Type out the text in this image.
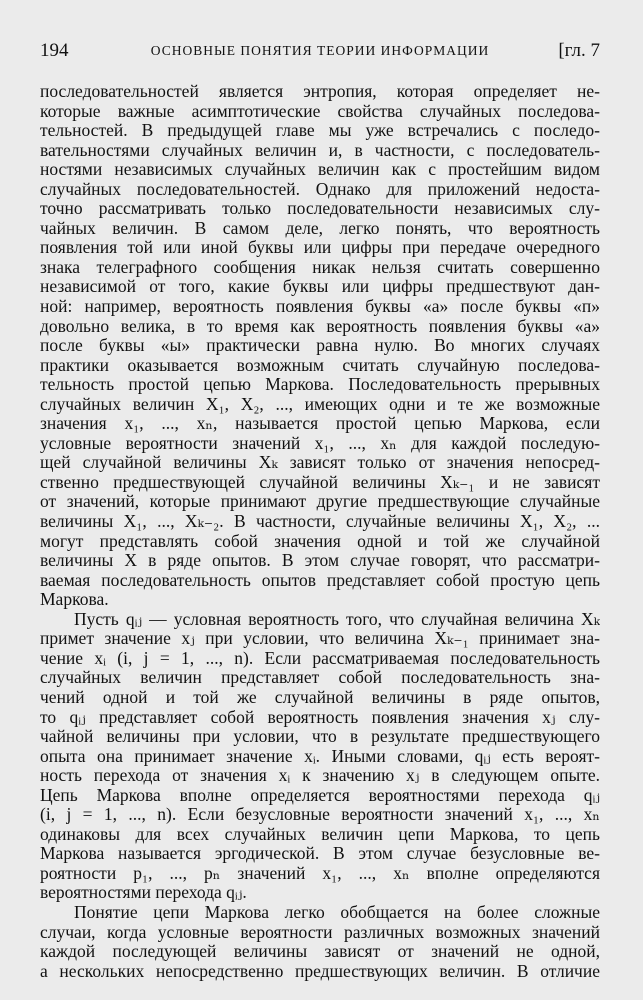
194	ОСНОВНЫЕ ПОНЯТИЯ ТЕОРИИ ИНФОРМАЦИИ	[гл. 7
последовательностей является энтропия, которая определяет не-
которые важные асимптотические свойства случайных последова-
тельностей. В предыдущей главе мы уже встречались с последо-
вательностями случайных величин и, в частности, с последователь-
ностями независимых случайных величин как с простейшим видом
случайных последовательностей. Однако для приложений недоста-
точно рассматривать только последовательности независимых слу-
чайных величин. В самом деле, легко понять, что вероятность
появления той или иной буквы или цифры при передаче очередного
знака телеграфного сообщения никак нельзя считать совершенно
независимой от того, какие буквы или цифры предшествуют дан-
ной: например, вероятность появления буквы «а» после буквы «п»
довольно велика, в то время как вероятность появления буквы «а»
после буквы «ы» практически равна нулю. Во многих случаях
практики оказывается возможным считать случайную последова-
тельность простой цепью Маркова. Последовательность прерывных
случайных величин X₁, X₂, ..., имеющих одни и те же возможные
значения x₁, ..., xₙ, называется простой цепью Маркова, если
условные вероятности значений x₁, ..., xₙ для каждой последую-
щей случайной величины Xₖ зависят только от значения непосред-
ственно предшествующей случайной величины Xₖ₋₁ и не зависят
от значений, которые принимают другие предшествующие случайные
величины X₁, ..., Xₖ₋₂. В частности, случайные величины X₁, X₂, ...
могут представлять собой значения одной и той же случайной
величины X в ряде опытов. В этом случае говорят, что рассматри-
ваемая последовательность опытов представляет собой простую цепь
Маркова.
Пусть qᵢⱼ — условная вероятность того, что случайная величина Xₖ
примет значение xⱼ при условии, что величина Xₖ₋₁ принимает зна-
чение xᵢ (i, j = 1, ..., n). Если рассматриваемая последовательность
случайных величин представляет собой последовательность зна-
чений одной и той же случайной величины в ряде опытов,
то qᵢⱼ представляет собой вероятность появления значения xⱼ слу-
чайной величины при условии, что в результате предшествующего
опыта она принимает значение xᵢ. Иными словами, qᵢⱼ есть вероят-
ность перехода от значения xᵢ к значению xⱼ в следующем опыте.
Цепь Маркова вполне определяется вероятностями перехода qᵢⱼ
(i, j = 1, ..., n). Если безусловные вероятности значений x₁, ..., xₙ
одинаковы для всех случайных величин цепи Маркова, то цепь
Маркова называется эргодической. В этом случае безусловные ве-
роятности p₁, ..., pₙ значений x₁, ..., xₙ вполне определяются
вероятностями перехода qᵢⱼ.
Понятие цепи Маркова легко обобщается на более сложные
случаи, когда условные вероятности различных возможных значений
каждой последующей величины зависят от значений не одной,
а нескольких непосредственно предшествующих величин. В отличие
